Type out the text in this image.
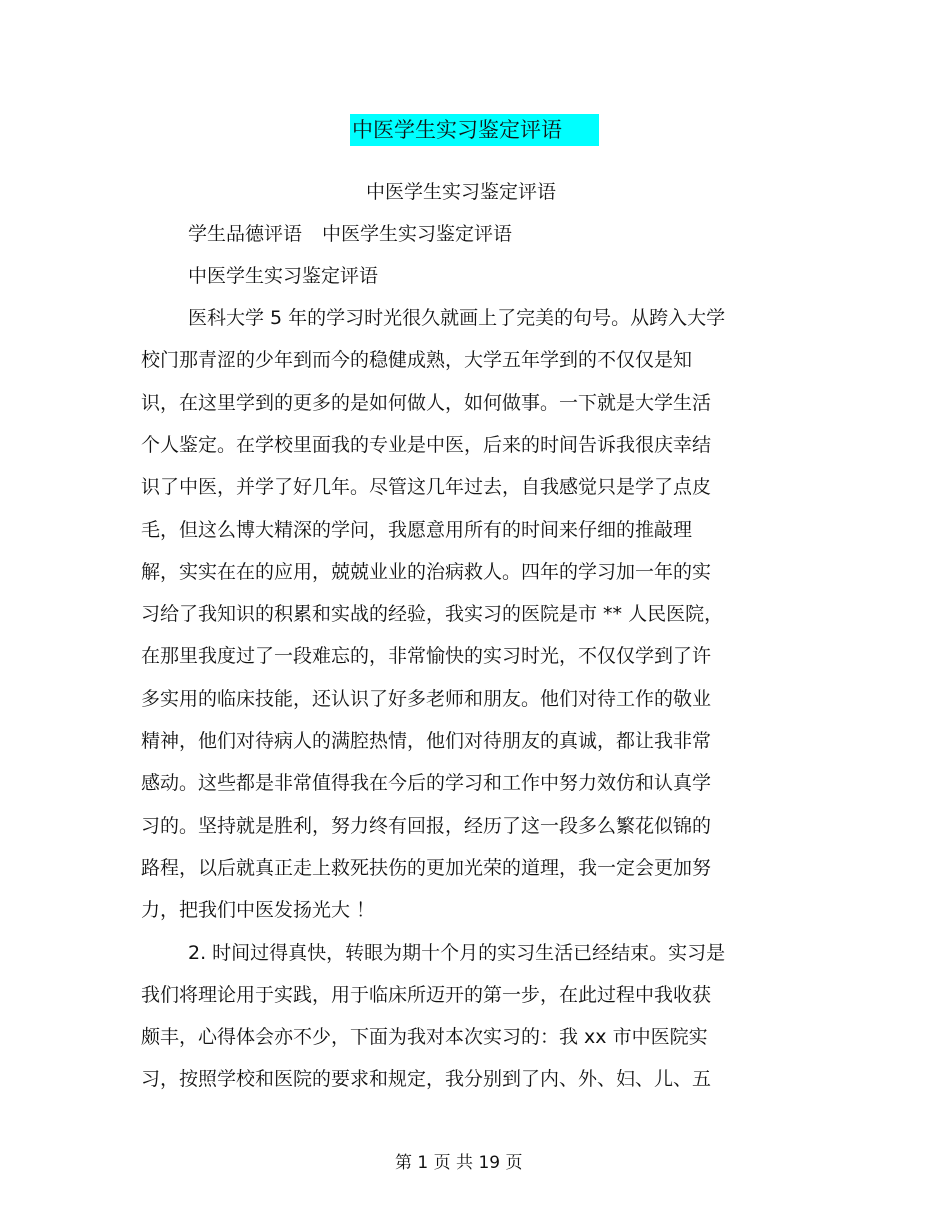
中医学生实习鉴定评语
中医学生实习鉴定评语
学生品德评语 中医学生实习鉴定评语
中医学生实习鉴定评语
医科大学 5 年的学习时光很久就画上了完美的句号。从跨入大学
校门那青涩的少年到而今的稳健成熟，大学五年学到的不仅仅是知
识，在这里学到的更多的是如何做人，如何做事。一下就是大学生活
个人鉴定。在学校里面我的专业是中医，后来的时间告诉我很庆幸结
识了中医，并学了好几年。尽管这几年过去，自我感觉只是学了点皮
毛，但这么博大精深的学问，我愿意用所有的时间来仔细的推敲理
解，实实在在的应用，兢兢业业的治病救人。四年的学习加一年的实
习给了我知识的积累和实战的经验，我实习的医院是市 ** 人民医院，
在那里我度过了一段难忘的，非常愉快的实习时光，不仅仅学到了许
多实用的临床技能，还认识了好多老师和朋友。他们对待工作的敬业
精神，他们对待病人的满腔热情，他们对待朋友的真诚，都让我非常
感动。这些都是非常值得我在今后的学习和工作中努力效仿和认真学
习的。坚持就是胜利，努力终有回报，经历了这一段多么繁花似锦的
路程，以后就真正走上救死扶伤的更加光荣的道理，我一定会更加努
力，把我们中医发扬光大 ！
2. 时间过得真快，转眼为期十个月的实习生活已经结束。实习是
我们将理论用于实践，用于临床所迈开的第一步，在此过程中我收获
颇丰，心得体会亦不少，下面为我对本次实习的：我 xx 市中医院实
习，按照学校和医院的要求和规定，我分别到了内、外、妇、儿、五
第 1 页 共 19 页
